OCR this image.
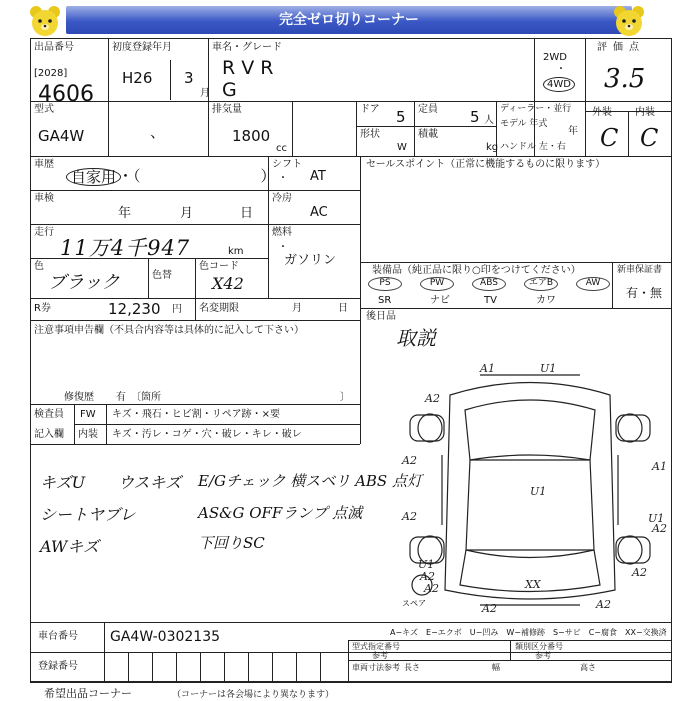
完全ゼロ切りコーナー
出品番号
[2028]
4606
初度登録年月
H26 3
月
車名・グレード
R V R
G
2WD
・
4WD
評価点
3.5
外装 内装
C C
型式
GA4W	、
排気量
1800
cc
ドア 5
形状
W
定員 5 人
積載
kg
ディーラー・並行
モデル 年式
年
ハンドル 左・右
車歴
自家用 ・（　　　　　　　　）
車検
年	月	日
走行
11万4千947	km
色
ブラック	色替
色コード
X42
R券	12,230 円 名変期限	月	日
シフト
AT
・
冷房
AC
燃料
・
ガソリン
セールスポイント（正常に機能するものに限ります）
装備品（純正品に限り○印をつけてください）	新車保証書
有・無
PS	PW	ABS	エアB	AW
SR	ナビ	TV	カワ
後日品
取説
注意事項申告欄（不具合内容等は具体的に記入して下さい）
修復歴 有　〔箇所	〕
検査員
記入欄
FW キズ・飛石・ヒビ割・リペア跡・×要
内装 キズ・汚レ・コゲ・穴・破レ・キレ・破レ
キズU ウスキズ
シートヤブレ
AWキズ
E/Gチェック 横スベリ ABS 点灯
AS&G OFFランプ 点滅
下回りSC
A1
A2
A2	A1
A2
U1
A2
U1
A2
U1
A2
XX
A2	A2
U1
A2
スペア
車台番号 GA4W-0302135	A−キズ　E−エクボ　U−凹み　W−補修跡　S−サビ　C−腐食　XX−交換済
登録番号
型式指定番号
参考
類別区分番号
参考
車両寸法参考 長さ	幅	高さ
希望出品コーナー	（コーナーは各会場により異なります）
